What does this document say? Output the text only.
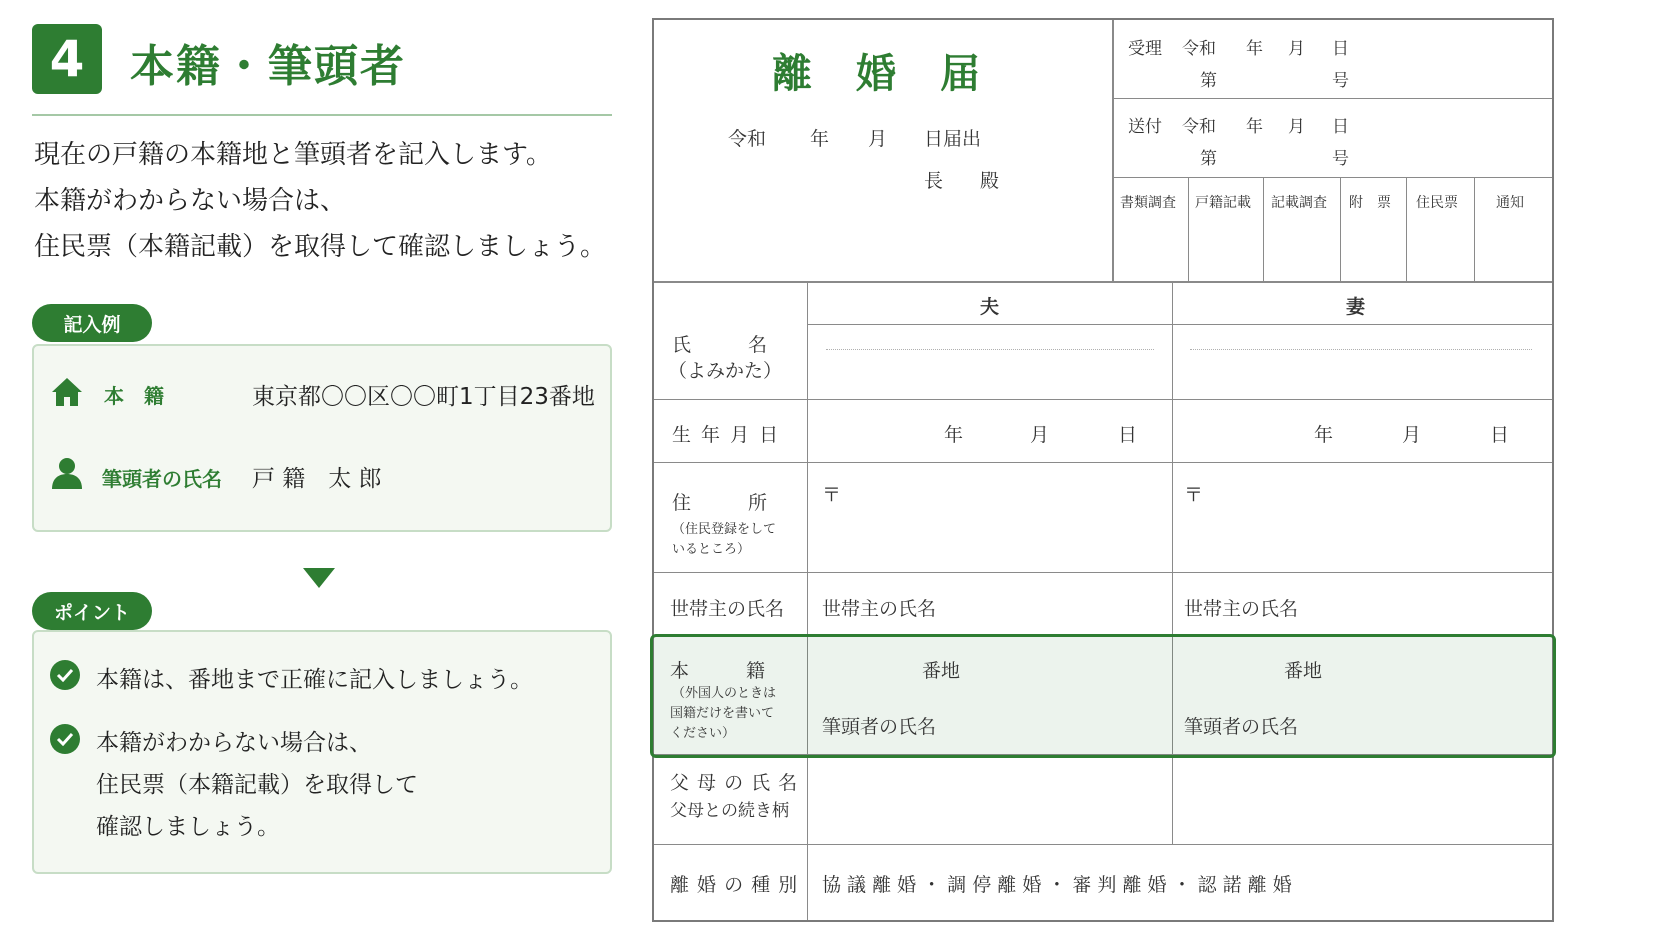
4	本籍・筆頭者
現在の戸籍の本籍地と筆頭者を記入します。
本籍がわからない場合は、
住民票（本籍記載）を取得して確認しましょう。
記入例
本　籍	東京都〇〇区〇〇町1丁目23番地
筆頭者の氏名 戸 籍　太 郎
ポイント
本籍は、番地まで正確に記入しましょう。
本籍がわからない場合は、
住民票（本籍記載）を取得して
確認しましょう。
離　婚　届
令和 年 月 日届出
長 殿
受理 令和 年 月 日
第	号
送付 令和 年 月 日
第	号
書類調査 戸籍記載 記載調査 附　票 住民票	通知
夫	妻
氏　　　名
（よみかた）
生 年 月 日	年	月	日	年	月	日
住　　　所
（住民登録をして
いるところ）
〒	〒
世帯主の氏名 世帯主の氏名	世帯主の氏名
本　　　籍
（外国人のときは
国籍だけを書いて
ください）
番地	番地
筆頭者の氏名	筆頭者の氏名
父 母 の 氏 名
父母との続き柄
離 婚 の 種 別 協 議 離 婚 ・ 調 停 離 婚 ・ 審 判 離 婚 ・ 認 諾 離 婚
